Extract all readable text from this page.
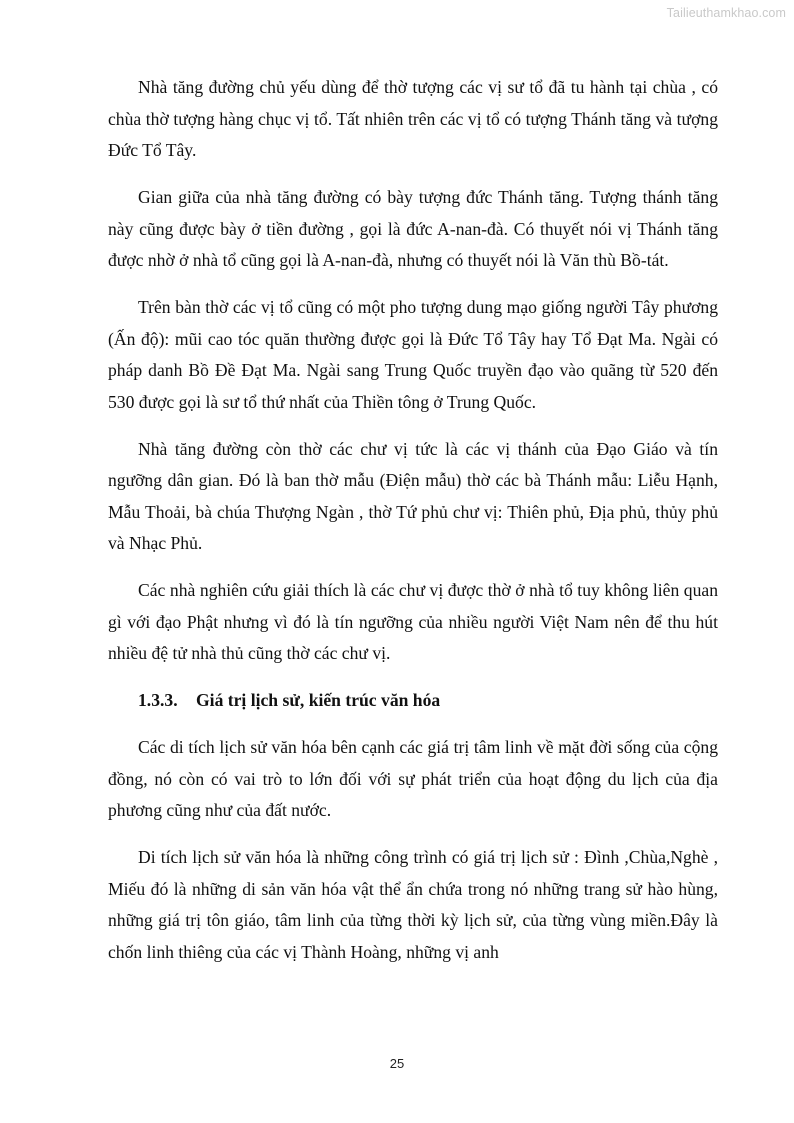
Tailieuthamkhao.com

Nhà tăng đường chủ yếu dùng để thờ tượng các vị sư tổ đã tu hành tại chùa , có chùa thờ tượng hàng chục vị tổ. Tất nhiên trên các vị tổ có tượng Thánh tăng và tượng Đức Tổ Tây.

Gian giữa của nhà tăng đường có bày tượng đức Thánh tăng. Tượng thánh tăng này cũng được bày ở tiền đường , gọi là đức A-nan-đà. Có thuyết nói vị Thánh tăng được nhờ ở nhà tổ cũng gọi là A-nan-đà, nhưng có thuyết nói là Văn thù Bồ-tát.

Trên bàn thờ các vị tổ cũng có một pho tượng dung mạo giống người Tây phương (Ấn độ): mũi cao tóc quăn thường được gọi là Đức Tổ Tây hay Tổ Đạt Ma. Ngài có pháp danh Bồ Đề Đạt Ma. Ngài sang Trung Quốc truyền đạo vào quãng từ 520 đến 530 được gọi là sư tổ thứ nhất của Thiền tông ở Trung Quốc.

Nhà tăng đường còn thờ các chư vị tức là các vị thánh của Đạo Giáo và tín ngưỡng dân gian. Đó là ban thờ mẫu (Điện mẫu) thờ các bà Thánh mẫu: Liễu Hạnh, Mẫu Thoải, bà chúa Thượng Ngàn , thờ Tứ phủ chư vị: Thiên phủ, Địa phủ, thủy phủ và Nhạc Phủ.

Các nhà nghiên cứu giải thích là các chư vị được thờ ở nhà tổ tuy không liên quan gì với đạo Phật nhưng vì đó là tín ngưỡng của nhiều người Việt Nam nên để thu hút nhiều đệ tử nhà thủ cũng thờ các chư vị.

1.3.3. Giá trị lịch sử, kiến trúc văn hóa

Các di tích lịch sử văn hóa bên cạnh các giá trị tâm linh về mặt đời sống của cộng đồng, nó còn có vai trò to lớn đối với sự phát triển của hoạt động du lịch của địa phương cũng như của đất nước.

Di tích lịch sử văn hóa là những công trình có giá trị lịch sử : Đình ,Chùa,Nghè , Miếu đó là những di sản văn hóa vật thể ẩn chứa trong nó những trang sử hào hùng, những giá trị tôn giáo, tâm linh của từng thời kỳ lịch sử, của từng vùng miền.Đây là chốn linh thiêng của các vị Thành Hoàng, những vị anh

25
